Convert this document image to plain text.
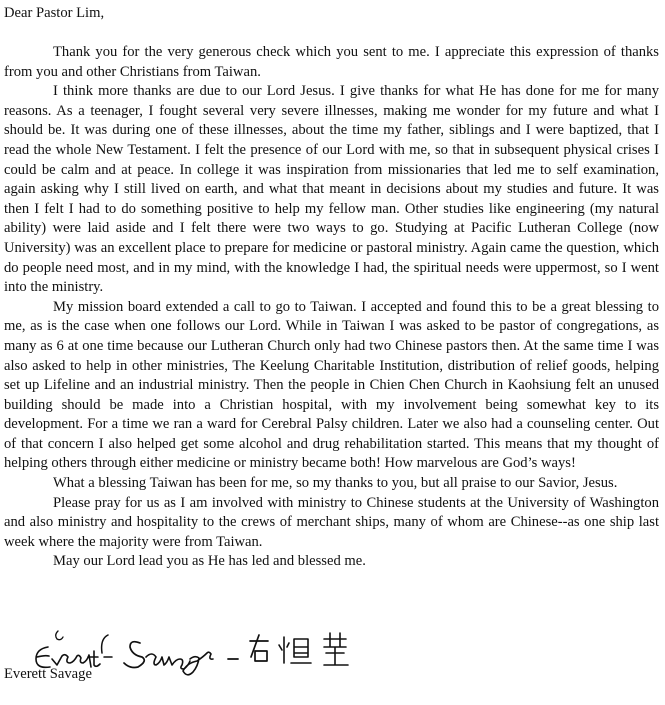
Dear Pastor Lim,

Thank you for the very generous check which you sent to me. I appreciate this expression of thanks from you and other Christians from Taiwan.

I think more thanks are due to our Lord Jesus. I give thanks for what He has done for me for many reasons. As a teenager, I fought several very severe illnesses, making me wonder for my future and what I should be. It was during one of these illnesses, about the time my father, siblings and I were baptized, that I read the whole New Testament. I felt the presence of our Lord with me, so that in subsequent physical crises I could be calm and at peace. In college it was inspiration from missionaries that led me to self examination, again asking why I still lived on earth, and what that meant in decisions about my studies and future. It was then I felt I had to do something positive to help my fellow man. Other studies like engineering (my natural ability) were laid aside and I felt there were two ways to go. Studying at Pacific Lutheran College (now University) was an excellent place to prepare for medicine or pastoral ministry. Again came the question, which do people need most, and in my mind, with the knowledge I had, the spiritual needs were uppermost, so I went into the ministry.

My mission board extended a call to go to Taiwan. I accepted and found this to be a great blessing to me, as is the case when one follows our Lord. While in Taiwan I was asked to be pastor of congregations, as many as 6 at one time because our Lutheran Church only had two Chinese pastors then. At the same time I was also asked to help in other ministries, The Keelung Charitable Institution, distribution of relief goods, helping set up Lifeline and an industrial ministry. Then the people in Chien Chen Church in Kaohsiung felt an unused building should be made into a Christian hospital, with my involvement being somewhat key to its development. For a time we ran a ward for Cerebral Palsy children. Later we also had a counseling center. Out of that concern I also helped get some alcohol and drug rehabilitation started. This means that my thought of helping others through either medicine or ministry became both! How marvelous are God’s ways!

What a blessing Taiwan has been for me, so my thanks to you, but all praise to our Savior, Jesus.

Please pray for us as I am involved with ministry to Chinese students at the University of Washington and also ministry and hospitality to the crews of merchant ships, many of whom are Chinese--as one ship last week where the majority were from Taiwan.

May our Lord lead you as He has led and blessed me.

Everett Savage
